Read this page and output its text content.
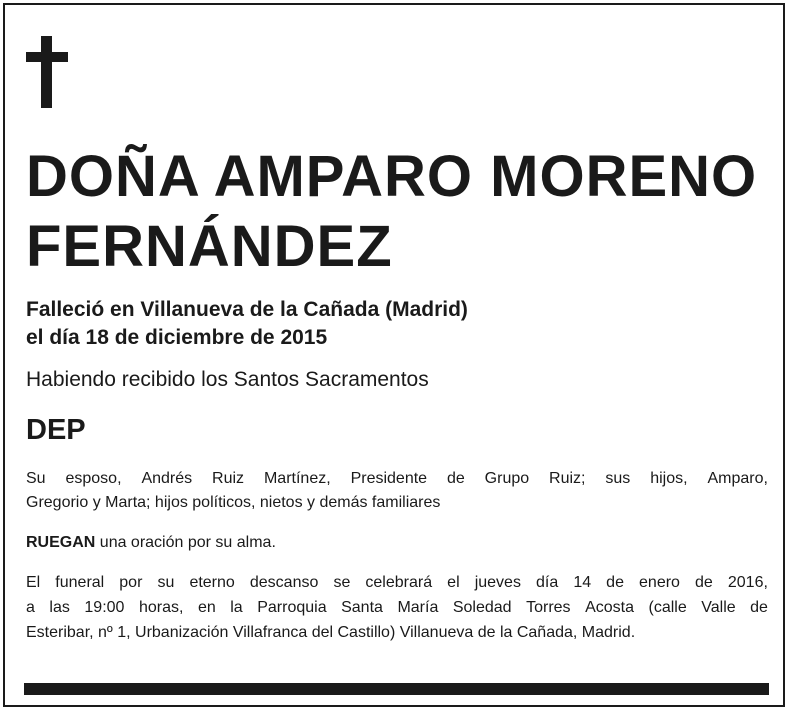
DOÑA AMPARO MORENO
FERNÁNDEZ

Falleció en Villanueva de la Cañada (Madrid)
el día 18 de diciembre de 2015

Habiendo recibido los Santos Sacramentos

DEP

Su esposo, Andrés Ruiz Martínez, Presidente de Grupo Ruiz; sus hijos, Amparo,
Gregorio y Marta; hijos políticos, nietos y demás familiares

RUEGAN una oración por su alma.

El funeral por su eterno descanso se celebrará el jueves día 14 de enero de 2016,
a las 19:00 horas, en la Parroquia Santa María Soledad Torres Acosta (calle Valle de
Esteribar, nº 1, Urbanización Villafranca del Castillo) Villanueva de la Cañada, Madrid.
